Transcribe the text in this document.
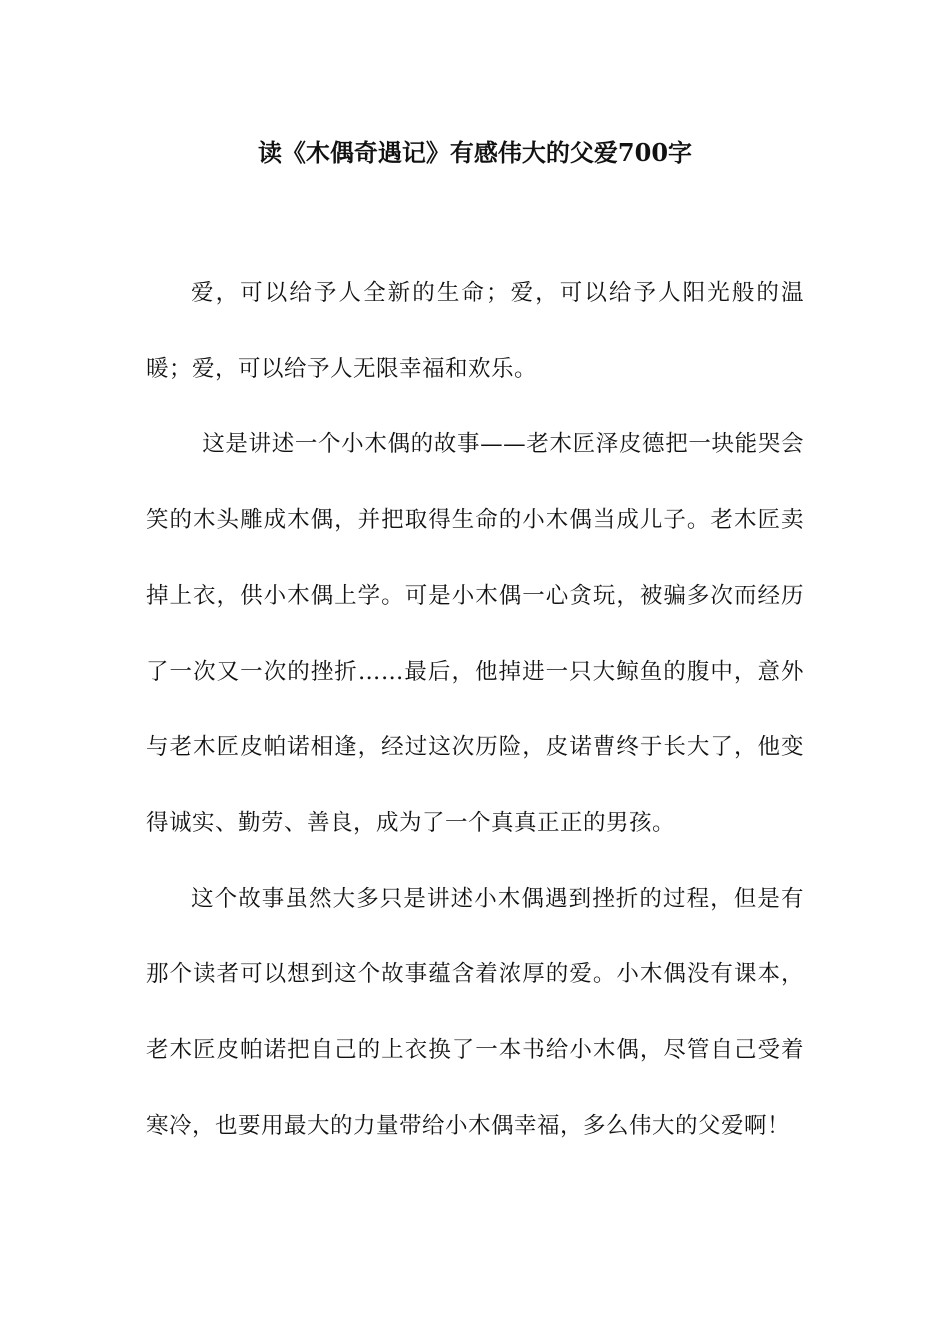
读《木偶奇遇记》有感伟大的父爱700字

爱，可以给予人全新的生命；爱，可以给予人阳光般的温暖；爱，可以给予人无限幸福和欢乐。

这是讲述一个小木偶的故事——老木匠泽皮德把一块能哭会笑的木头雕成木偶，并把取得生命的小木偶当成儿子。老木匠卖掉上衣，供小木偶上学。可是小木偶一心贪玩，被骗多次而经历了一次又一次的挫折……最后，他掉进一只大鲸鱼的腹中，意外与老木匠皮帕诺相逢，经过这次历险，皮诺曹终于长大了，他变得诚实、勤劳、善良，成为了一个真真正正的男孩。

这个故事虽然大多只是讲述小木偶遇到挫折的过程，但是有那个读者可以想到这个故事蕴含着浓厚的爱。小木偶没有课本，老木匠皮帕诺把自己的上衣换了一本书给小木偶，尽管自己受着寒冷，也要用最大的力量带给小木偶幸福，多么伟大的父爱啊！
